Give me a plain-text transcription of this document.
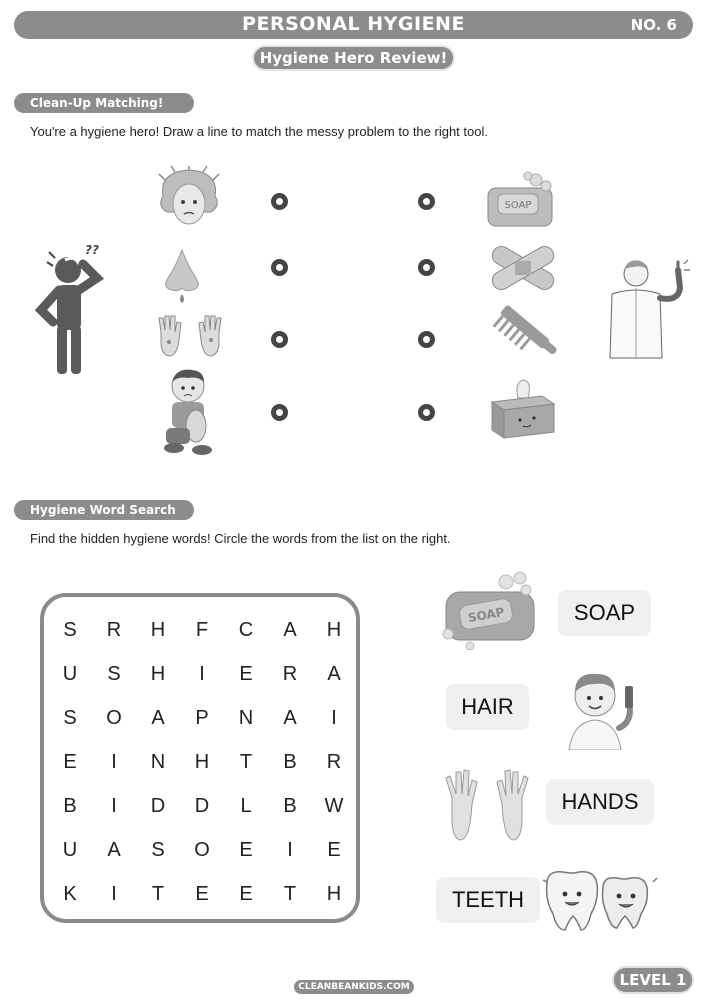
PERSONAL HYGIENE	NO. 6
Hygiene Hero Review!
Clean-Up Matching!
You're a hygiene hero! Draw a line to match the messy problem to the right tool.
??
SOAP
Hygiene Word Search
Find the hidden hygiene words! Circle the words from the list on the right.
S	R	H	F	C	A	H
U	S	H	I	E	R	A
S	O	A	P	N	A	I
E	I	N	H	T	B	R
B	I	D	D	L	B	W
U	A	S	O	E	I	E
K	I	T	E	E	T	H
SOAP	SOAP
HAIR
HANDS
TEETH
CLEANBEANKIDS.COM	LEVEL 1
